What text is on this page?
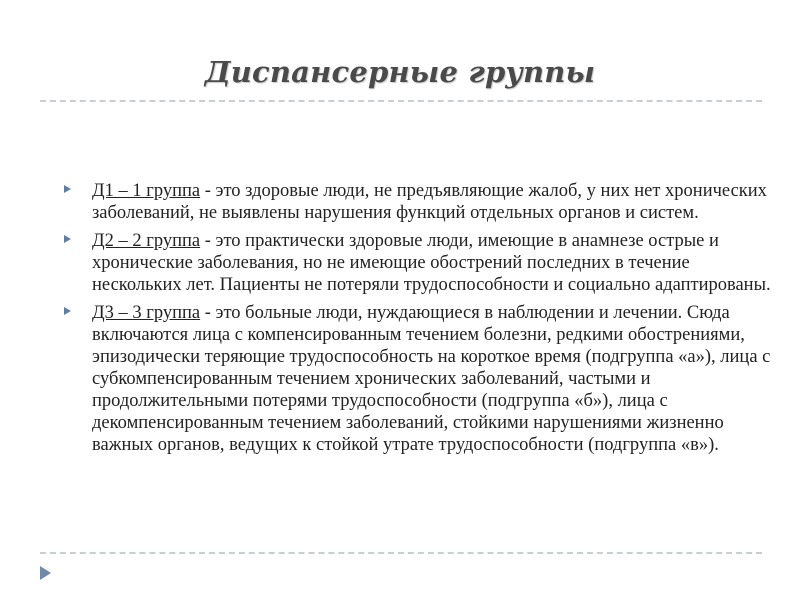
Диспансерные группы
Д1 – 1 группа - это здоровые люди, не предъявляющие жалоб, у них нет хронических заболеваний, не выявлены нарушения функций отдельных органов и систем.
Д2 – 2 группа - это практически здоровые люди, имеющие в анамнезе острые и хронические заболевания, но не имеющие обострений последних в течение нескольких лет. Пациенты не потеряли трудоспособности и социально адаптированы.
Д3 – 3 группа - это больные люди, нуждающиеся в наблюдении и лечении. Сюда включаются лица с компенсированным течением болезни, редкими обострениями, эпизодически теряющие трудоспособность на короткое время (подгруппа «а»), лица с субкомпенсированным течением хронических заболеваний, частыми и продолжительными потерями трудоспособности (подгруппа «б»), лица с декомпенсированным течением заболеваний, стойкими нарушениями жизненно важных органов, ведущих к стойкой утрате трудоспособности (подгруппа «в»).
